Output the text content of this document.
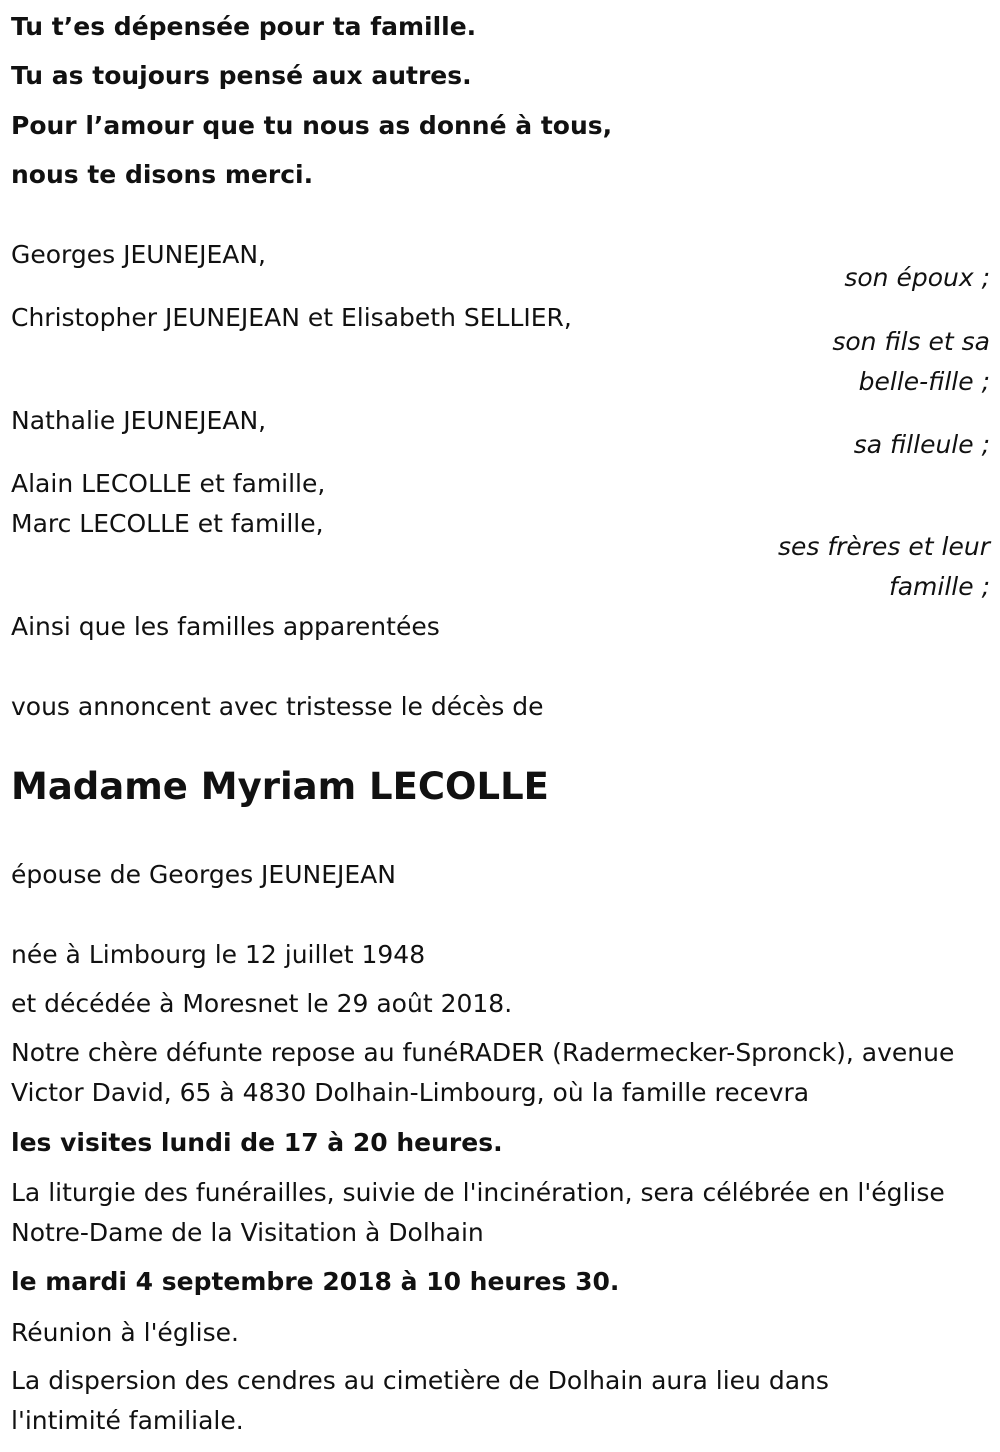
Tu t’es dépensée pour ta famille.
Tu as toujours pensé aux autres.
Pour l’amour que tu nous as donné à tous,
nous te disons merci.
Georges JEUNEJEAN,
son époux ;
Christopher JEUNEJEAN et Elisabeth SELLIER,
son fils et sa
belle-fille ;
Nathalie JEUNEJEAN,
sa filleule ;
Alain LECOLLE et famille,
Marc LECOLLE et famille,
ses frères et leur
famille ;
Ainsi que les familles apparentées
vous annoncent avec tristesse le décès de
Madame Myriam LECOLLE
épouse de Georges JEUNEJEAN
née à Limbourg le 12 juillet 1948
et décédée à Moresnet le 29 août 2018.

Notre chère défunte repose au funéRADER (Radermecker-Spronck), avenue Victor David, 65 à 4830 Dolhain-Limbourg, où la famille recevra

les visites lundi de 17 à 20 heures.

La liturgie des funérailles, suivie de l'incinération, sera célébrée en l'église Notre-Dame de la Visitation à Dolhain

le mardi 4 septembre 2018 à 10 heures 30.
Réunion à l'église.

La dispersion des cendres au cimetière de Dolhain aura lieu dans l'intimité familiale.
